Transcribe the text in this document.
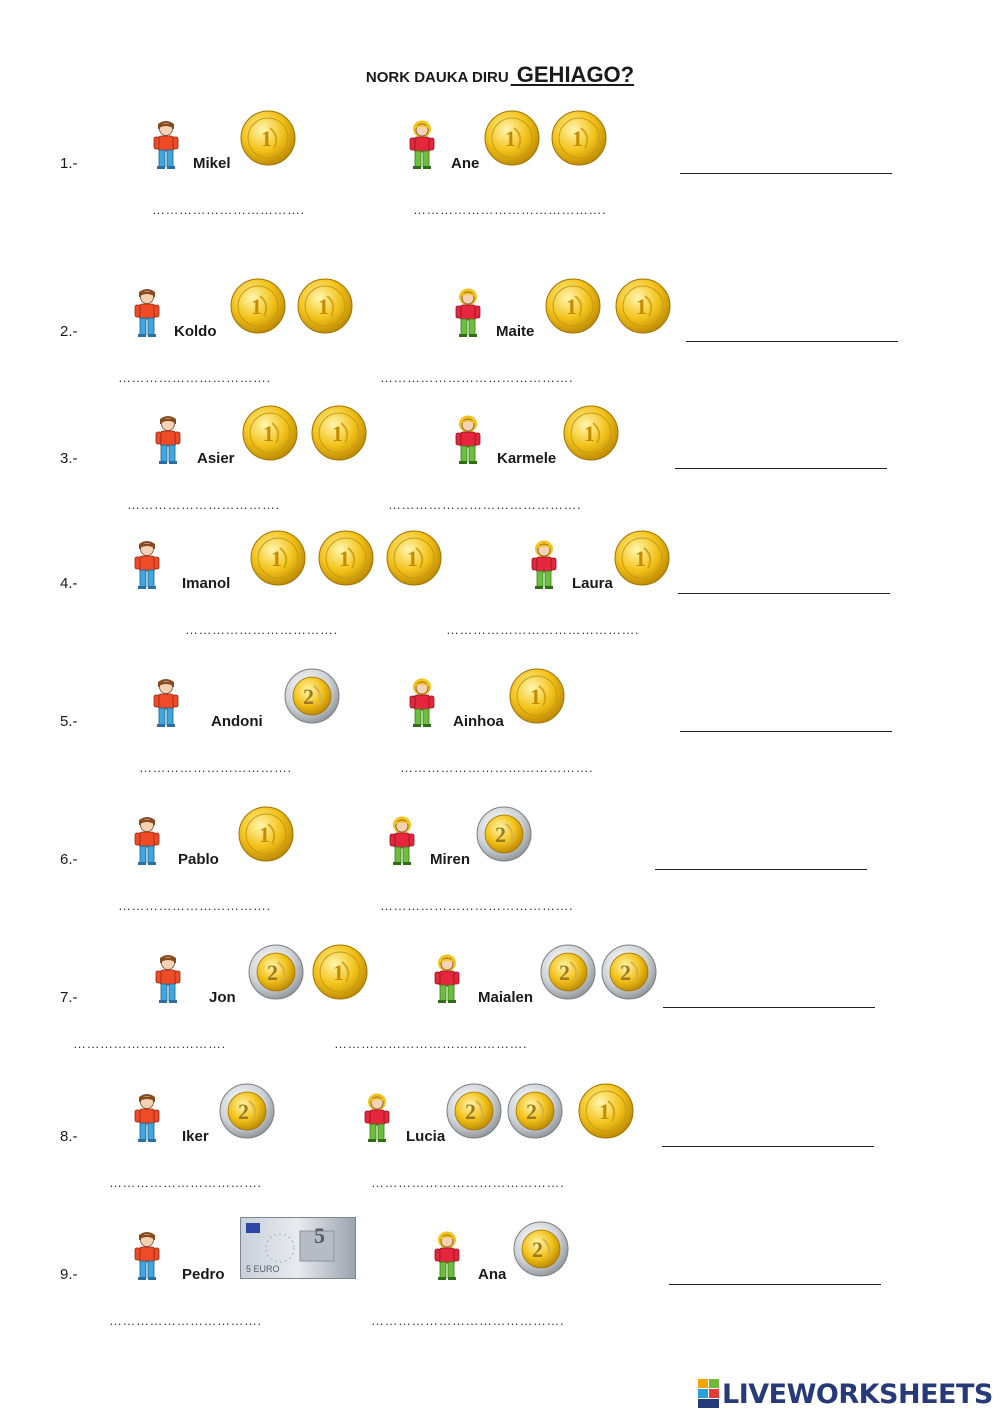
NORK DAUKA DIRU GEHIAGO?
1.-	Mikel
1
Ane
1	1
…………………………….	…………………………………….
2.-	Koldo
1	1
Maite
1	1
…………………………….	…………………………………….
3.-	Asier
1	1
Karmele
1
…………………………….	…………………………………….
4.-	Imanol
1	1	1
Laura
1
…………………………….	…………………………………….
5.-	Andoni
2
Ainhoa
1
…………………………….	…………………………………….
6.-	Pablo
1
Miren
2
…………………………….	…………………………………….
7.-	Jon
2	1
Maialen
2 2
…………………………….	…………………………………….
8.-	Iker
2
Lucia
2 2	1
…………………………….	…………………………………….
9.-	Pedro
5
5 EURO	Ana
2
…………………………….	…………………………………….
LIVEWORKSHEETS
